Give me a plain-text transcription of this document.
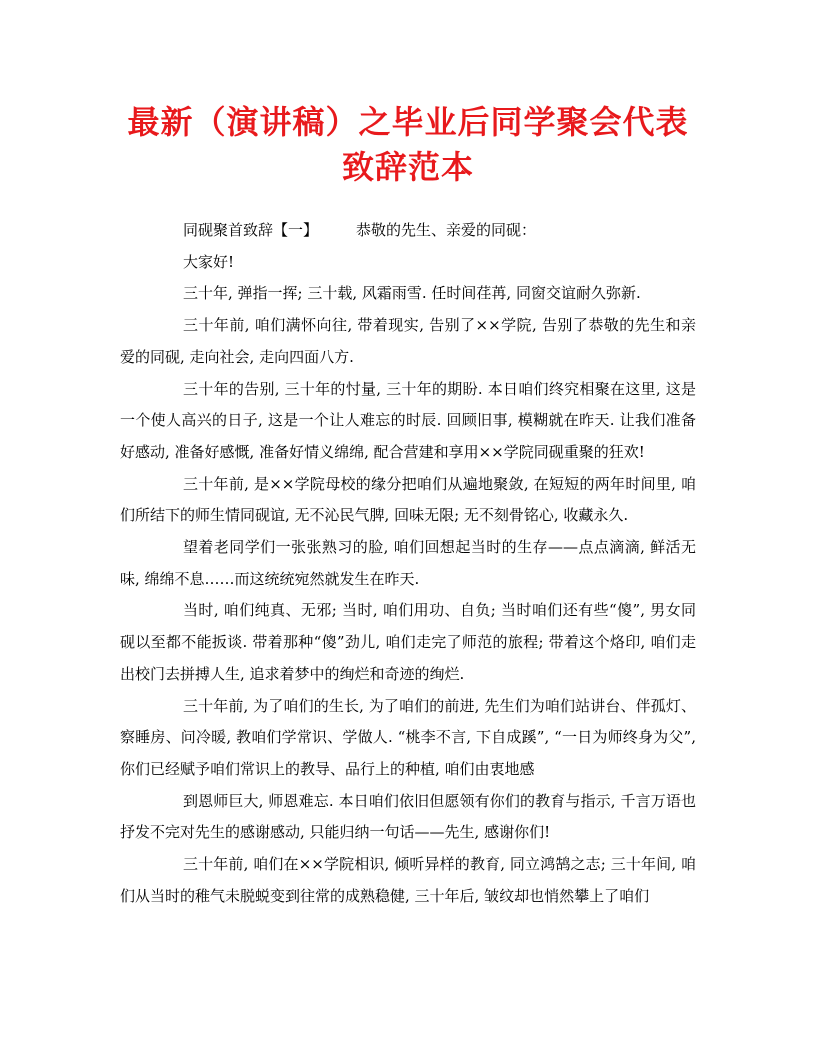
最新（演讲稿）之毕业后同学聚会代表
致辞范本

同砚聚首致辞【一】	恭敬的先生、亲爱的同砚：

大家好!

三十年, 弹指一挥; 三十载, 风霜雨雪. 任时间荏苒, 同窗交谊耐久弥新.

三十年前, 咱们满怀向往, 带着现实, 告别了××学院, 告别了恭敬的先生和亲爱的同砚, 走向社会, 走向四面八方.

三十年的告别, 三十年的忖量, 三十年的期盼. 本日咱们终究相聚在这里, 这是一个使人高兴的日子, 这是一个让人难忘的时辰. 回顾旧事, 模糊就在昨天. 让我们准备好感动, 准备好感慨, 准备好情义绵绵, 配合营建和享用××学院同砚重聚的狂欢!

三十年前, 是××学院母校的缘分把咱们从遍地聚敛, 在短短的两年时间里, 咱们所结下的师生情同砚谊, 无不沁民气脾, 回味无限; 无不刻骨铭心, 收藏永久.

望着老同学们一张张熟习的脸, 咱们回想起当时的生存——点点滴滴, 鲜活无味, 绵绵不息……而这统统宛然就发生在昨天.

当时, 咱们纯真、无邪; 当时, 咱们用功、自负; 当时咱们还有些“傻”, 男女同砚以至都不能扳谈. 带着那种“傻”劲儿, 咱们走完了师范的旅程; 带着这个烙印, 咱们走出校门去拼搏人生, 追求着梦中的绚烂和奇迹的绚烂.

三十年前, 为了咱们的生长, 为了咱们的前进, 先生们为咱们站讲台、伴孤灯、察睡房、问冷暖, 教咱们学常识、学做人. “桃李不言, 下自成蹊”, “一日为师终身为父”, 你们已经赋予咱们常识上的教导、品行上的种植, 咱们由衷地感

到恩师巨大, 师恩难忘. 本日咱们依旧但愿领有你们的教育与指示, 千言万语也抒发不完对先生的感谢感动, 只能归纳一句话——先生, 感谢你们!

三十年前, 咱们在××学院相识, 倾听异样的教育, 同立鸿鹄之志; 三十年间, 咱们从当时的稚气未脱蜕变到往常的成熟稳健, 三十年后, 皱纹却也悄然攀上了咱们
